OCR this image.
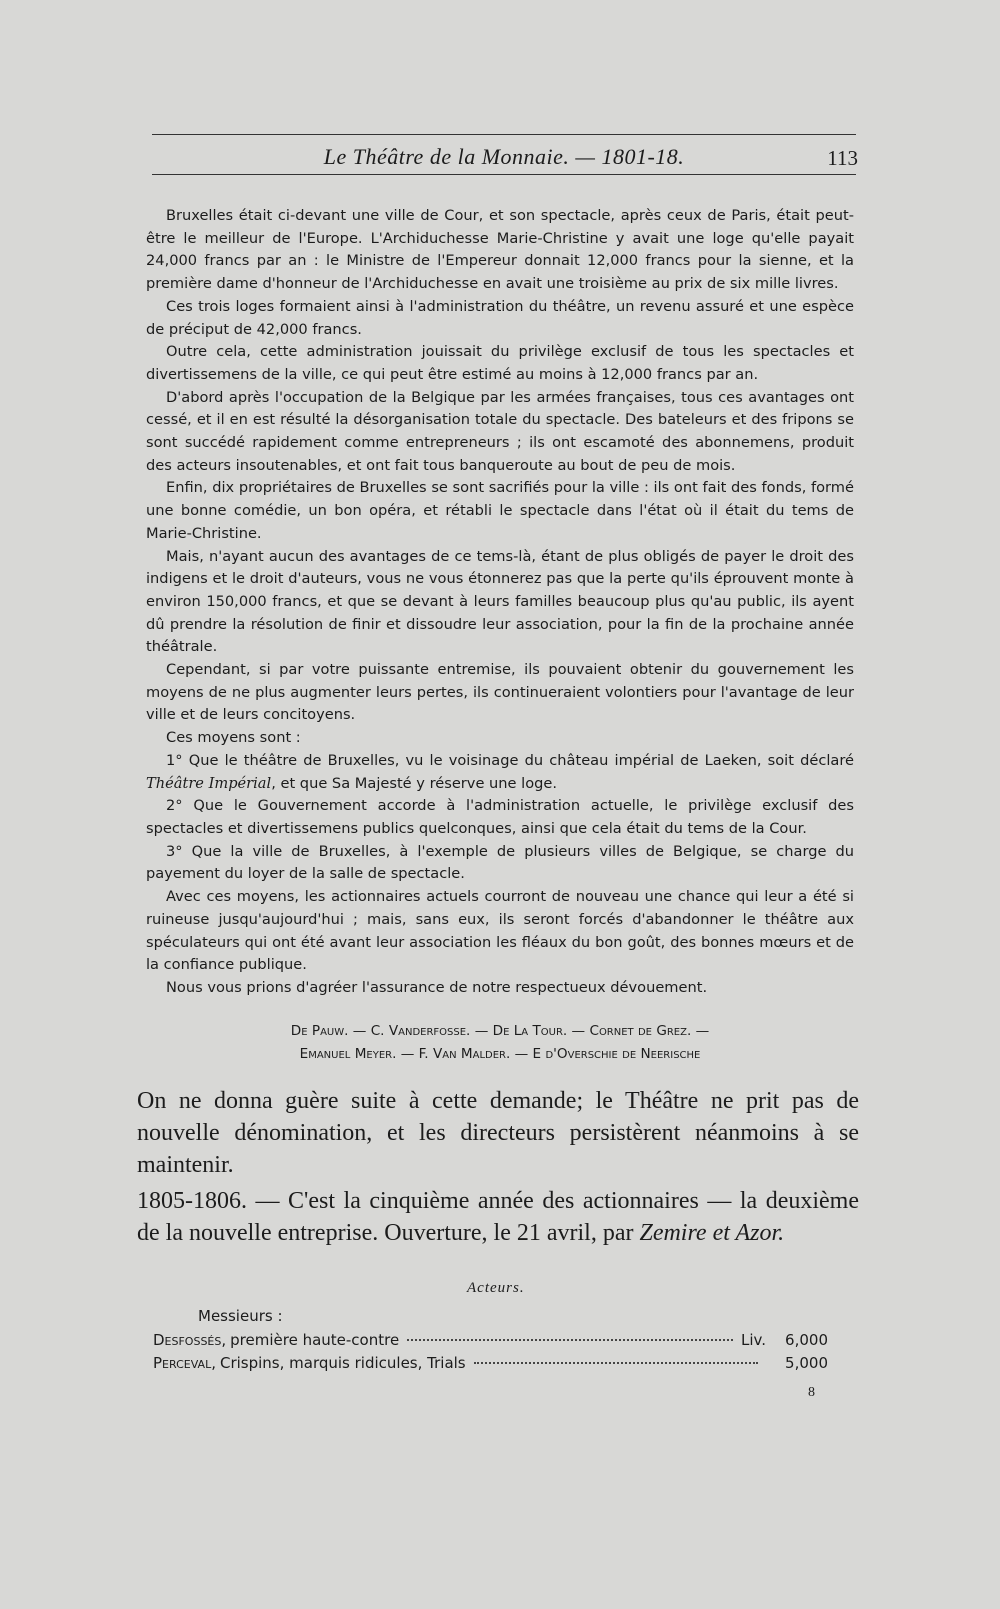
Le Théâtre de la Monnaie. — 1801-18.	113

Bruxelles était ci-devant une ville de Cour, et son spectacle, après ceux de Paris, était peut-être le meilleur de l'Europe. L'Archiduchesse Marie-Christine y avait une loge qu'elle payait 24,000 francs par an : le Ministre de l'Empereur donnait 12,000 francs pour la sienne, et la première dame d'honneur de l'Archiduchesse en avait une troisième au prix de six mille livres.

Ces trois loges formaient ainsi à l'administration du théâtre, un revenu assuré et une espèce de préciput de 42,000 francs.

Outre cela, cette administration jouissait du privilège exclusif de tous les spectacles et divertissemens de la ville, ce qui peut être estimé au moins à 12,000 francs par an.

D'abord après l'occupation de la Belgique par les armées françaises, tous ces avantages ont cessé, et il en est résulté la désorganisation totale du spectacle. Des bateleurs et des fripons se sont succédé rapidement comme entrepreneurs ; ils ont escamoté des abonnemens, produit des acteurs insoutenables, et ont fait tous banqueroute au bout de peu de mois.

Enfin, dix propriétaires de Bruxelles se sont sacrifiés pour la ville : ils ont fait des fonds, formé une bonne comédie, un bon opéra, et rétabli le spectacle dans l'état où il était du tems de Marie-Christine.

Mais, n'ayant aucun des avantages de ce tems-là, étant de plus obligés de payer le droit des indigens et le droit d'auteurs, vous ne vous étonnerez pas que la perte qu'ils éprouvent monte à environ 150,000 francs, et que se devant à leurs familles beaucoup plus qu'au public, ils ayent dû prendre la résolution de finir et dissoudre leur association, pour la fin de la prochaine année théâtrale.

Cependant, si par votre puissante entremise, ils pouvaient obtenir du gouvernement les moyens de ne plus augmenter leurs pertes, ils continueraient volontiers pour l'avantage de leur ville et de leurs concitoyens.

Ces moyens sont :

1° Que le théâtre de Bruxelles, vu le voisinage du château impérial de Laeken, soit déclaré Théâtre Impérial, et que Sa Majesté y réserve une loge.

2° Que le Gouvernement accorde à l'administration actuelle, le privilège exclusif des spectacles et divertissemens publics quelconques, ainsi que cela était du tems de la Cour.

3° Que la ville de Bruxelles, à l'exemple de plusieurs villes de Belgique, se charge du payement du loyer de la salle de spectacle.

Avec ces moyens, les actionnaires actuels courront de nouveau une chance qui leur a été si ruineuse jusqu'aujourd'hui ; mais, sans eux, ils seront forcés d'abandonner le théâtre aux spéculateurs qui ont été avant leur association les fléaux du bon goût, des bonnes mœurs et de la confiance publique.

Nous vous prions d'agréer l'assurance de notre respectueux dévouement.

De Pauw. — C. Vanderfosse. — De La Tour. — Cornet de Grez. —
Emanuel Meyer. — F. Van Malder. — E d'Overschie de Neerische

On ne donna guère suite à cette demande; le Théâtre ne prit pas de nouvelle dénomination, et les directeurs persistèrent néanmoins à se maintenir.

1805-1806. — C'est la cinquième année des actionnaires — la deuxième de la nouvelle entreprise. Ouverture, le 21 avril, par Zemire et Azor.

Acteurs.
Messieurs :
Desfossés, première haute-contre	Liv.	6,000
Perceval, Crispins, marquis ridicules, Trials	5,000
8
